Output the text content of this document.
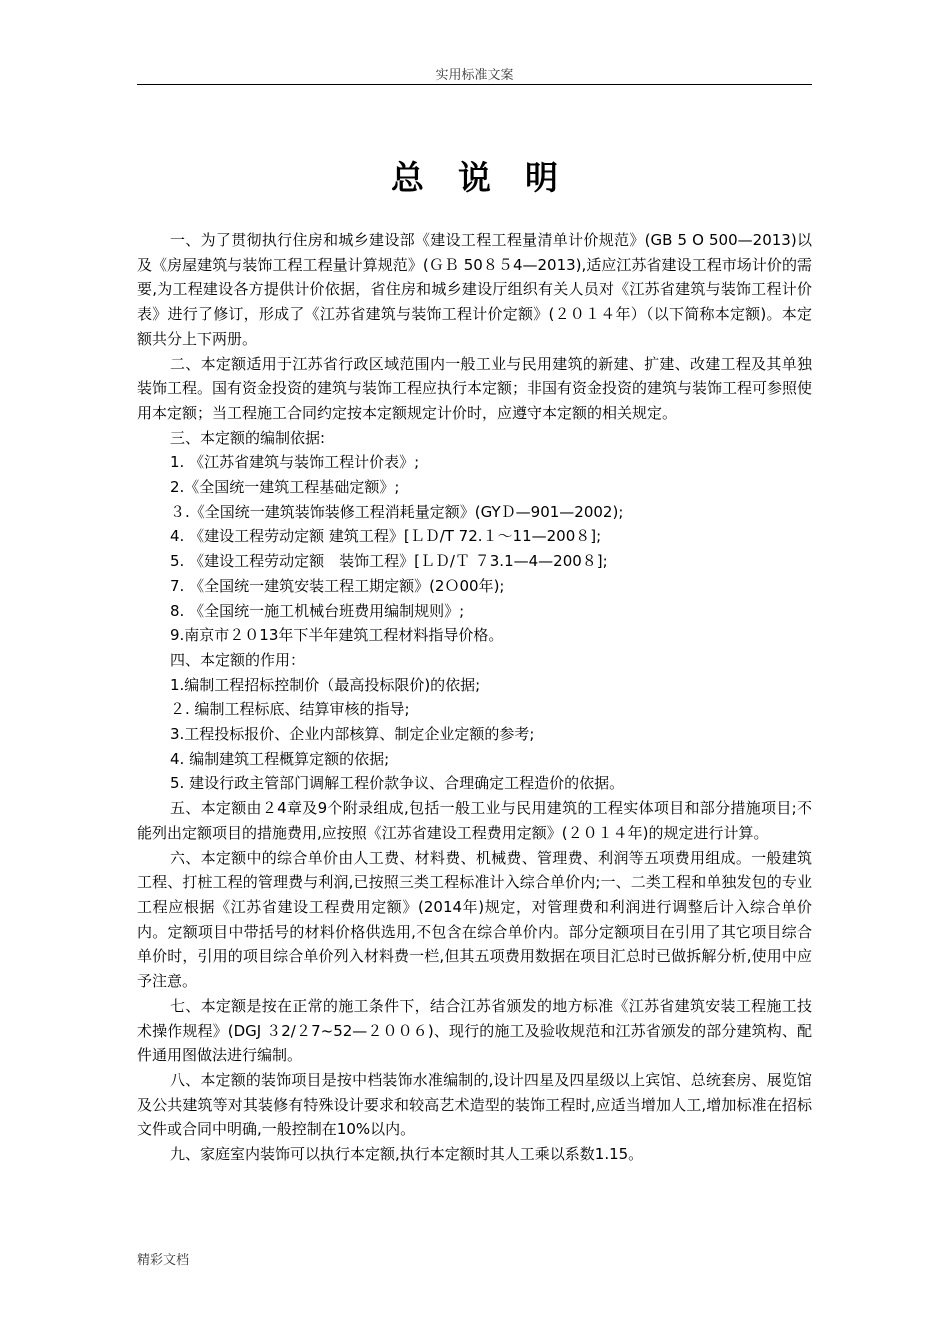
实用标准文案
总说明

一、为了贯彻执行住房和城乡建设部《建设工程工程量清单计价规范》(GB 5 O 500—2013)以及《房屋建筑与装饰工程工程量计算规范》(ＧＢ 50８５4—2013),适应江苏省建设工程市场计价的需要,为工程建设各方提供计价依据，省住房和城乡建设厅组织有关人员对《江苏省建筑与装饰工程计价表》进行了修订，形成了《江苏省建筑与装饰工程计价定额》(２０１４年）（以下简称本定额)。本定额共分上下两册。

二、本定额适用于江苏省行政区域范围内一般工业与民用建筑的新建、扩建、改建工程及其单独装饰工程。国有资金投资的建筑与装饰工程应执行本定额；非国有资金投资的建筑与装饰工程可参照使用本定额；当工程施工合同约定按本定额规定计价时，应遵守本定额的相关规定。

三、本定额的编制依据:

1. 《江苏省建筑与装饰工程计价表》;

2.《全国统一建筑工程基础定额》;

３.《全国统一建筑装饰装修工程消耗量定额》(GYＤ—901—2002);

4. 《建设工程劳动定额 建筑工程》[ＬＤ/T 72.１～11—200８];

5. 《建设工程劳动定额　装饰工程》[ＬＤ/Ｔ ７3.1—4—200８];

7. 《全国统一建筑安装工程工期定额》(2Ｏ00年);

8. 《全国统一施工机械台班费用编制规则》;

9.南京市２０13年下半年建筑工程材料指导价格。

四、本定额的作用：

1.编制工程招标控制价（最高投标限价)的依据;

２. 编制工程标底、结算审核的指导;

3.工程投标报价、企业内部核算、制定企业定额的参考;

4. 编制建筑工程概算定额的依据;

5. 建设行政主管部门调解工程价款争议、合理确定工程造价的依据。

五、本定额由２4章及9个附录组成,包括一般工业与民用建筑的工程实体项目和部分措施项目;不能列出定额项目的措施费用,应按照《江苏省建设工程费用定额》(２０１４年)的规定进行计算。

六、本定额中的综合单价由人工费、材料费、机械费、管理费、利润等五项费用组成。一般建筑工程、打桩工程的管理费与利润,已按照三类工程标准计入综合单价内;一、二类工程和单独发包的专业工程应根据《江苏省建设工程费用定额》(2014年)规定，对管理费和利润进行调整后计入综合单价内。定额项目中带括号的材料价格供选用,不包含在综合单价内。部分定额项目在引用了其它项目综合单价时，引用的项目综合单价列入材料费一栏,但其五项费用数据在项目汇总时已做拆解分析,使用中应予注意。

七、本定额是按在正常的施工条件下，结合江苏省颁发的地方标准《江苏省建筑安装工程施工技术操作规程》(DGJ ３2/２7~52—２００６)、现行的施工及验收规范和江苏省颁发的部分建筑构、配件通用图做法进行编制。

八、本定额的装饰项目是按中档装饰水准编制的,设计四星及四星级以上宾馆、总统套房、展览馆及公共建筑等对其装修有特殊设计要求和较高艺术造型的装饰工程时,应适当增加人工,增加标准在招标文件或合同中明确,一般控制在10%以内。

九、家庭室内装饰可以执行本定额,执行本定额时其人工乘以系数1.15。

精彩文档
